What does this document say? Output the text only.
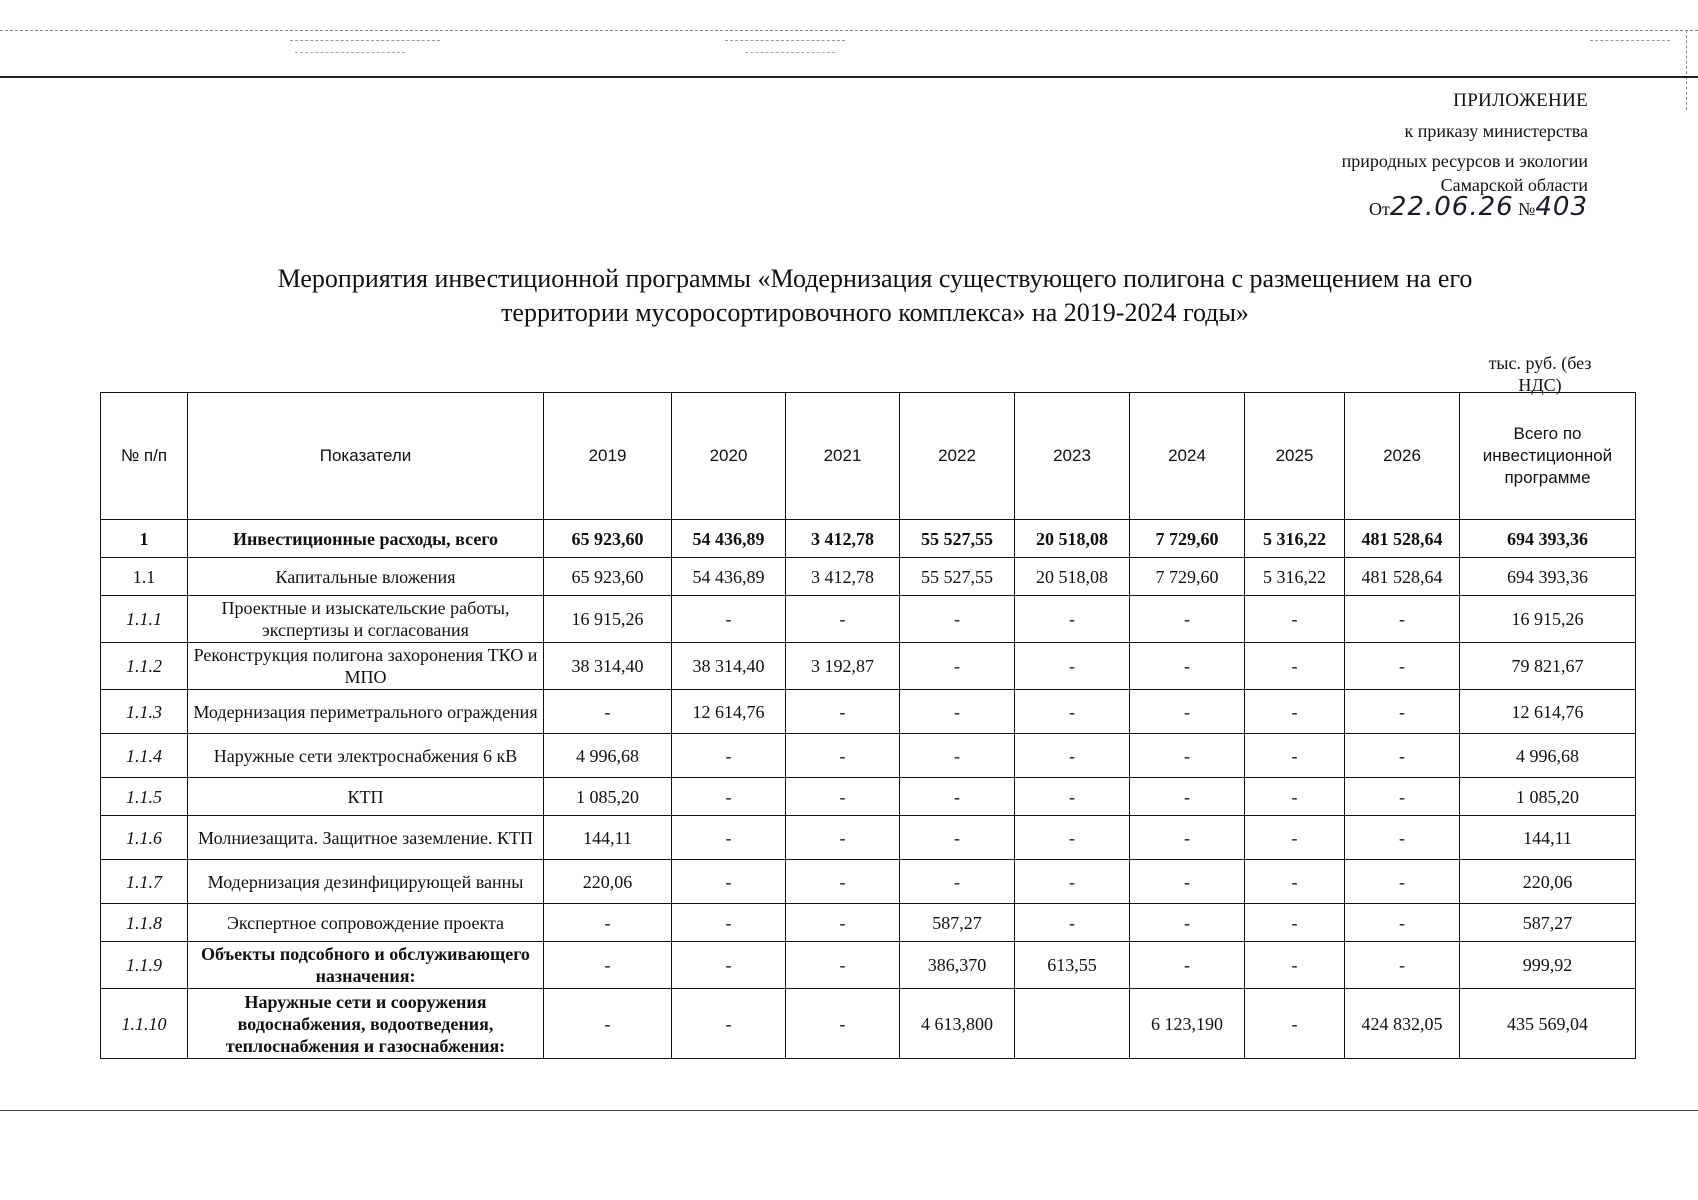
ПРИЛОЖЕНИЕ
к приказу министерства
природных ресурсов и экологии
Самарской области
От22.06.26 №403
Мероприятия инвестиционной программы «Модернизация существующего полигона с размещением на его
территории мусоросортировочного комплекса» на 2019-2024 годы»
тыс. руб. (без НДС)
№ п/п	Показатели	2019	2020	2021	2022	2023	2024	2025	2026	Всего по инвестиционной программе
1	Инвестиционные расходы, всего	65 923,60	54 436,89	3 412,78	55 527,55	20 518,08	7 729,60	5 316,22	481 528,64	694 393,36
1.1	Капитальные вложения	65 923,60	54 436,89	3 412,78	55 527,55	20 518,08	7 729,60	5 316,22	481 528,64	694 393,36
1.1.1	Проектные и изыскательские работы, экспертизы и согласования	16 915,26	-	-	-	-	-	-	-	16 915,26
1.1.2	Реконструкция полигона захоронения ТКО и МПО	38 314,40	38 314,40	3 192,87	-	-	-	-	-	79 821,67
1.1.3	Модернизация периметрального ограждения	-	12 614,76	-	-	-	-	-	-	12 614,76
1.1.4	Наружные сети электроснабжения 6 кВ	4 996,68	-	-	-	-	-	-	-	4 996,68
1.1.5	КТП	1 085,20	-	-	-	-	-	-	-	1 085,20
1.1.6	Молниезащита. Защитное заземление. КТП	144,11	-	-	-	-	-	-	-	144,11
1.1.7	Модернизация дезинфицирующей ванны	220,06	-	-	-	-	-	-	-	220,06
1.1.8	Экспертное сопровождение проекта	-	-	-	587,27	-	-	-	-	587,27
1.1.9	Объекты подсобного и обслуживающего назначения:	-	-	-	386,370	613,55	-	-	-	999,92
1.1.10	Наружные сети и сооружения водоснабжения, водоотведения, теплоснабжения и газоснабжения:	-	-	-	4 613,800		6 123,190	-	424 832,05	435 569,04
